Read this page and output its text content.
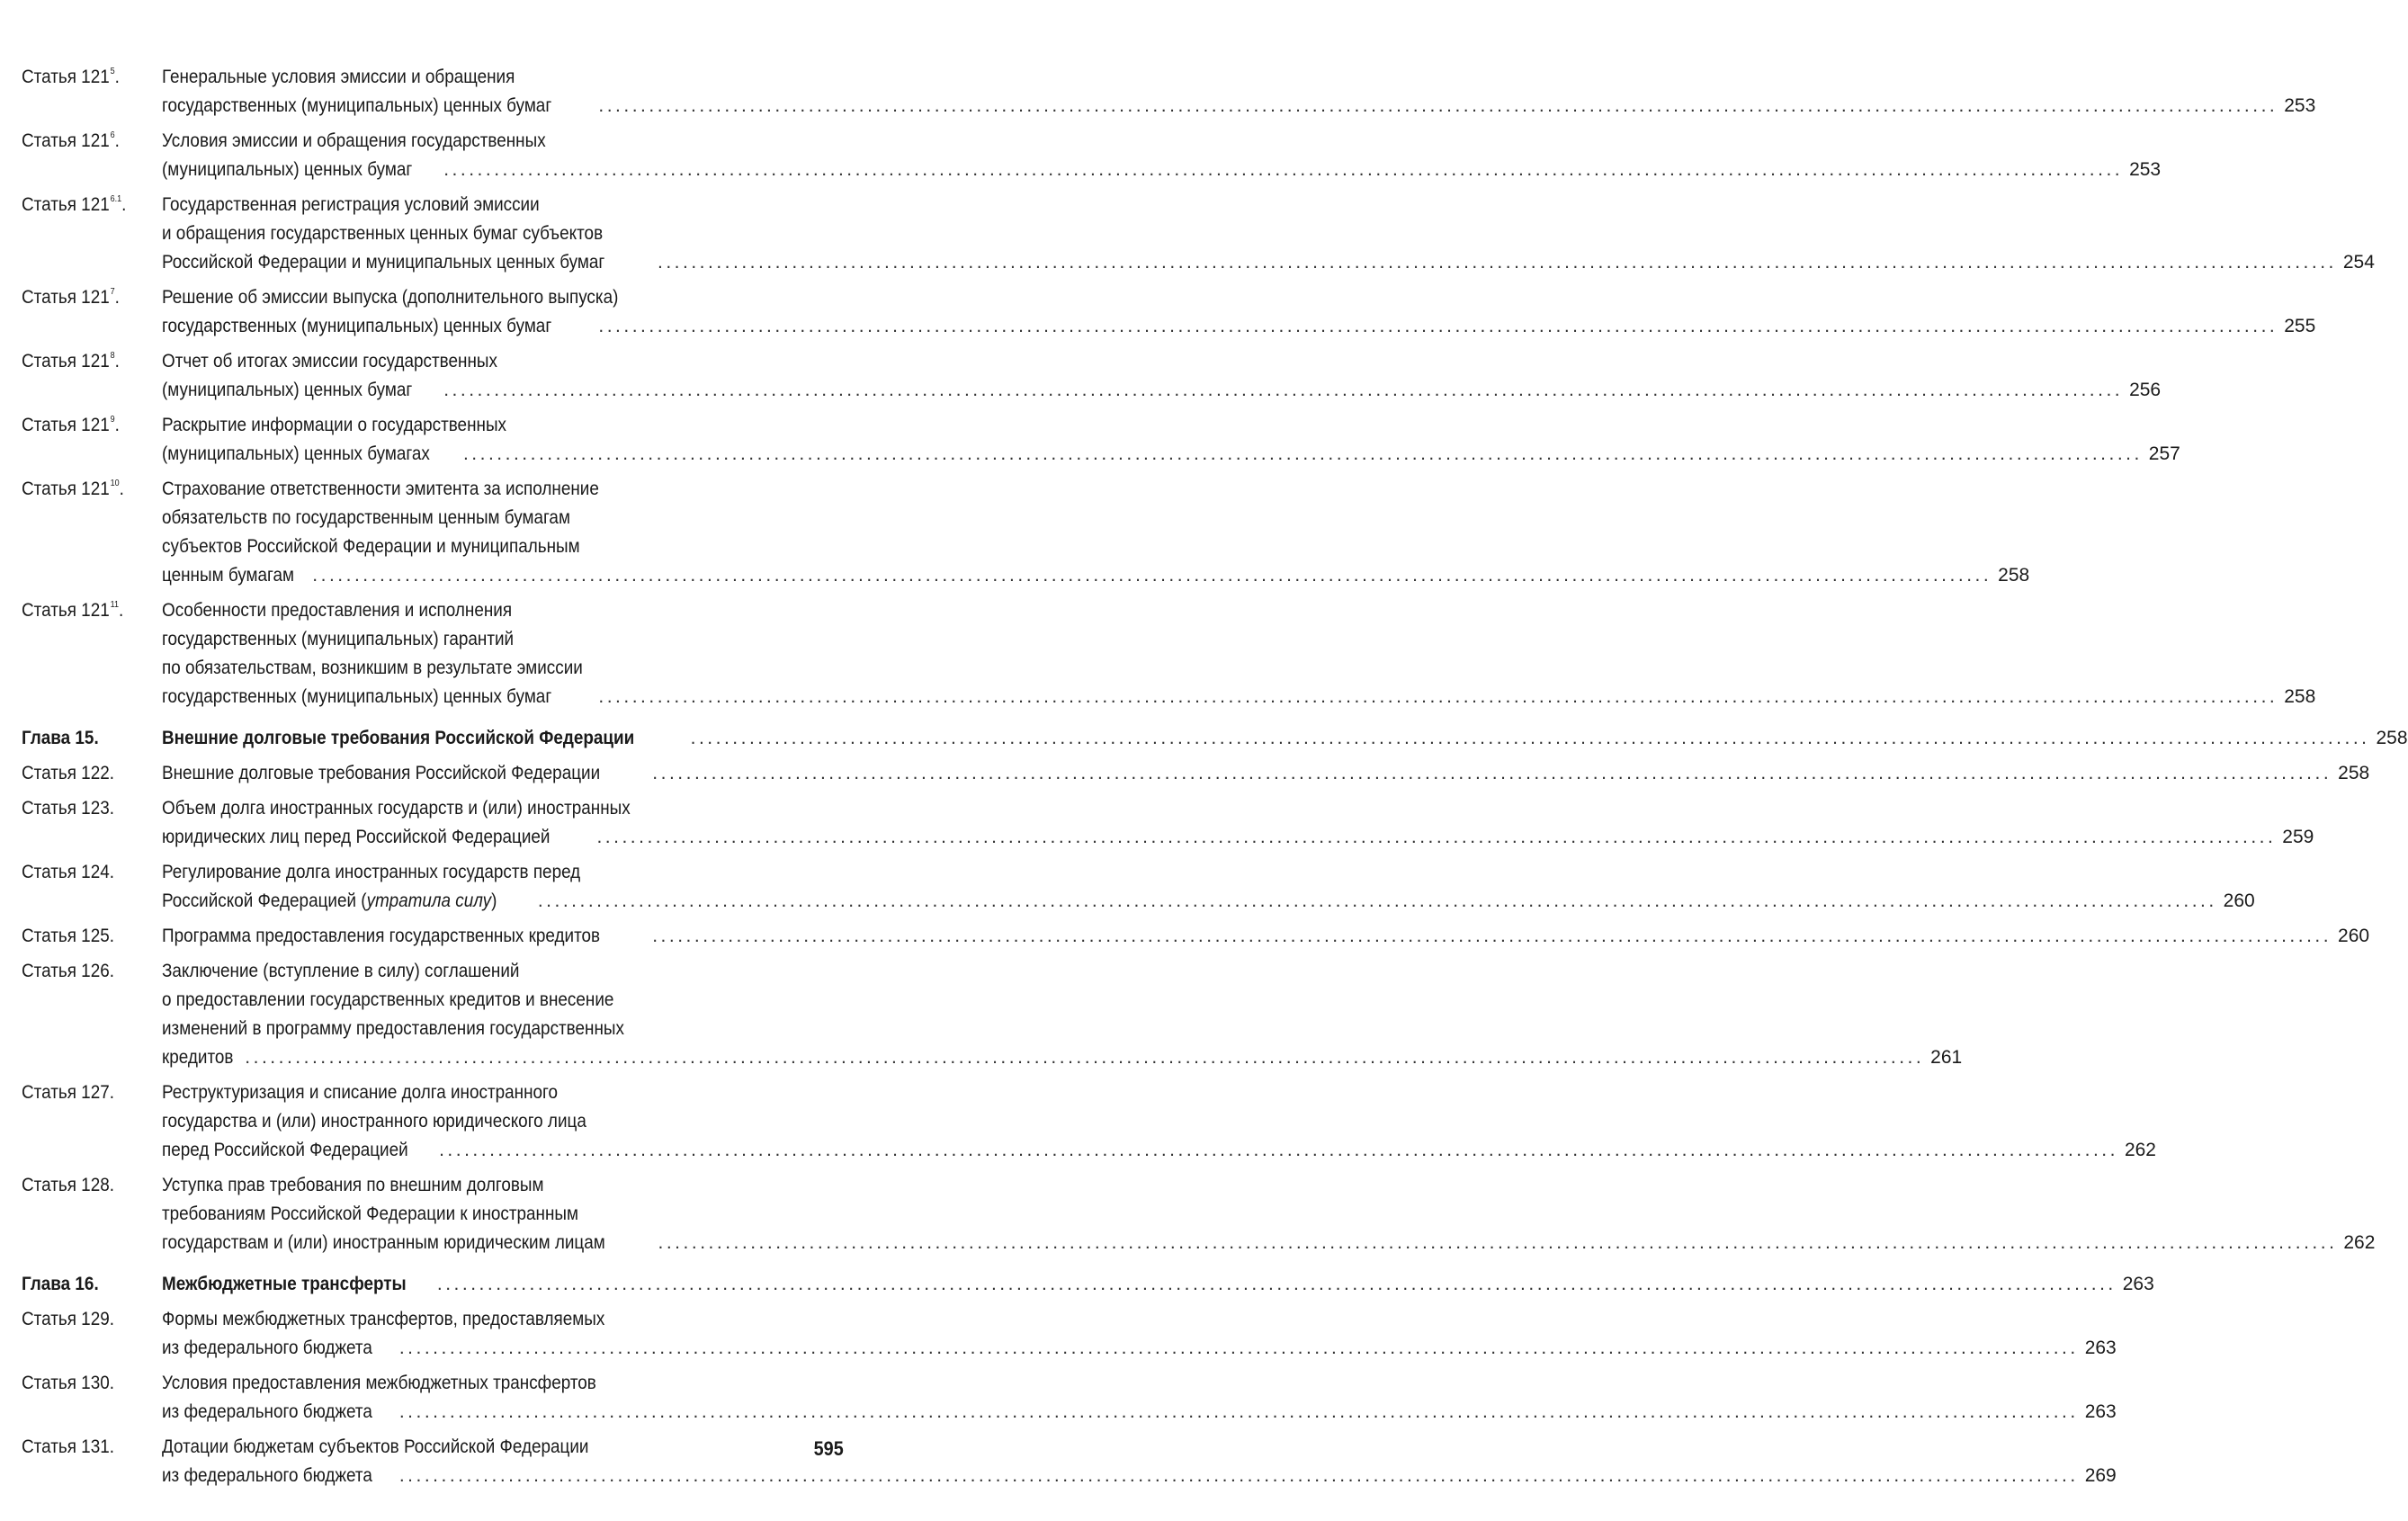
Статья $121^5$.	Генеральные условия эмиссии и обращения
государственных (муниципальных) ценных бумаг ........................................................................................................................................................................................................ 253
Статья $121^6$.	Условия эмиссии и обращения государственных
(муниципальных) ценных бумаг ........................................................................................................................................................................................................ 253
Статья $121^{6.1}$.	Государственная регистрация условий эмиссии
и обращения государственных ценных бумаг субъектов
Российской Федерации и муниципальных ценных бумаг	........................................................................................................................................................................................................ 254
Статья $121^7$.	Решение об эмиссии выпуска (дополнительного выпуска)
государственных (муниципальных) ценных бумаг ........................................................................................................................................................................................................ 255
Статья $121^8$.	Отчет об итогах эмиссии государственных
(муниципальных) ценных бумаг ........................................................................................................................................................................................................ 256
Статья $121^9$.	Раскрытие информации о государственных
(муниципальных) ценных бумагах ........................................................................................................................................................................................................ 257
Статья $121^{10}$.	Страхование ответственности эмитента за исполнение
обязательств по государственным ценным бумагам
субъектов Российской Федерации и муниципальным
ценным бумагам ........................................................................................................................................................................................................ 258
Статья $121^{11}$.	Особенности предоставления и исполнения
государственных (муниципальных) гарантий
по обязательствам, возникшим в результате эмиссии
государственных (муниципальных) ценных бумаг ........................................................................................................................................................................................................ 258
Глава 15.	Внешние долговые требования Российской Федерации	........................................................................................................................................................................................................ 258
Статья 122.	Внешние долговые требования Российской Федерации	........................................................................................................................................................................................................ 258
Статья 123.	Объем долга иностранных государств и (или) иностранных
юридических лиц перед Российской Федерацией ........................................................................................................................................................................................................ 259
Статья 124.	Регулирование долга иностранных государств перед
Российской Федерацией (утратила силу) ........................................................................................................................................................................................................ 260
Статья 125.	Программа предоставления государственных кредитов	........................................................................................................................................................................................................ 260
Статья 126.	Заключение (вступление в силу) соглашений
о предоставлении государственных кредитов и внесение
изменений в программу предоставления государственных
кредитов ........................................................................................................................................................................................................ 261
Статья 127.	Реструктуризация и списание долга иностранного
государства и (или) иностранного юридического лица
перед Российской Федерацией ........................................................................................................................................................................................................ 262
Статья 128.	Уступка прав требования по внешним долговым
требованиям Российской Федерации к иностранным
государствам и (или) иностранным юридическим лицам	........................................................................................................................................................................................................ 262
Глава 16.	Межбюджетные трансферты ........................................................................................................................................................................................................ 263
Статья 129.	Формы межбюджетных трансфертов, предоставляемых
из федерального бюджета ........................................................................................................................................................................................................ 263
Статья 130.	Условия предоставления межбюджетных трансфертов
из федерального бюджета ........................................................................................................................................................................................................ 263
Статья 131.	Дотации бюджетам субъектов Российской Федерации
из федерального бюджета ........................................................................................................................................................................................................ 269
595
